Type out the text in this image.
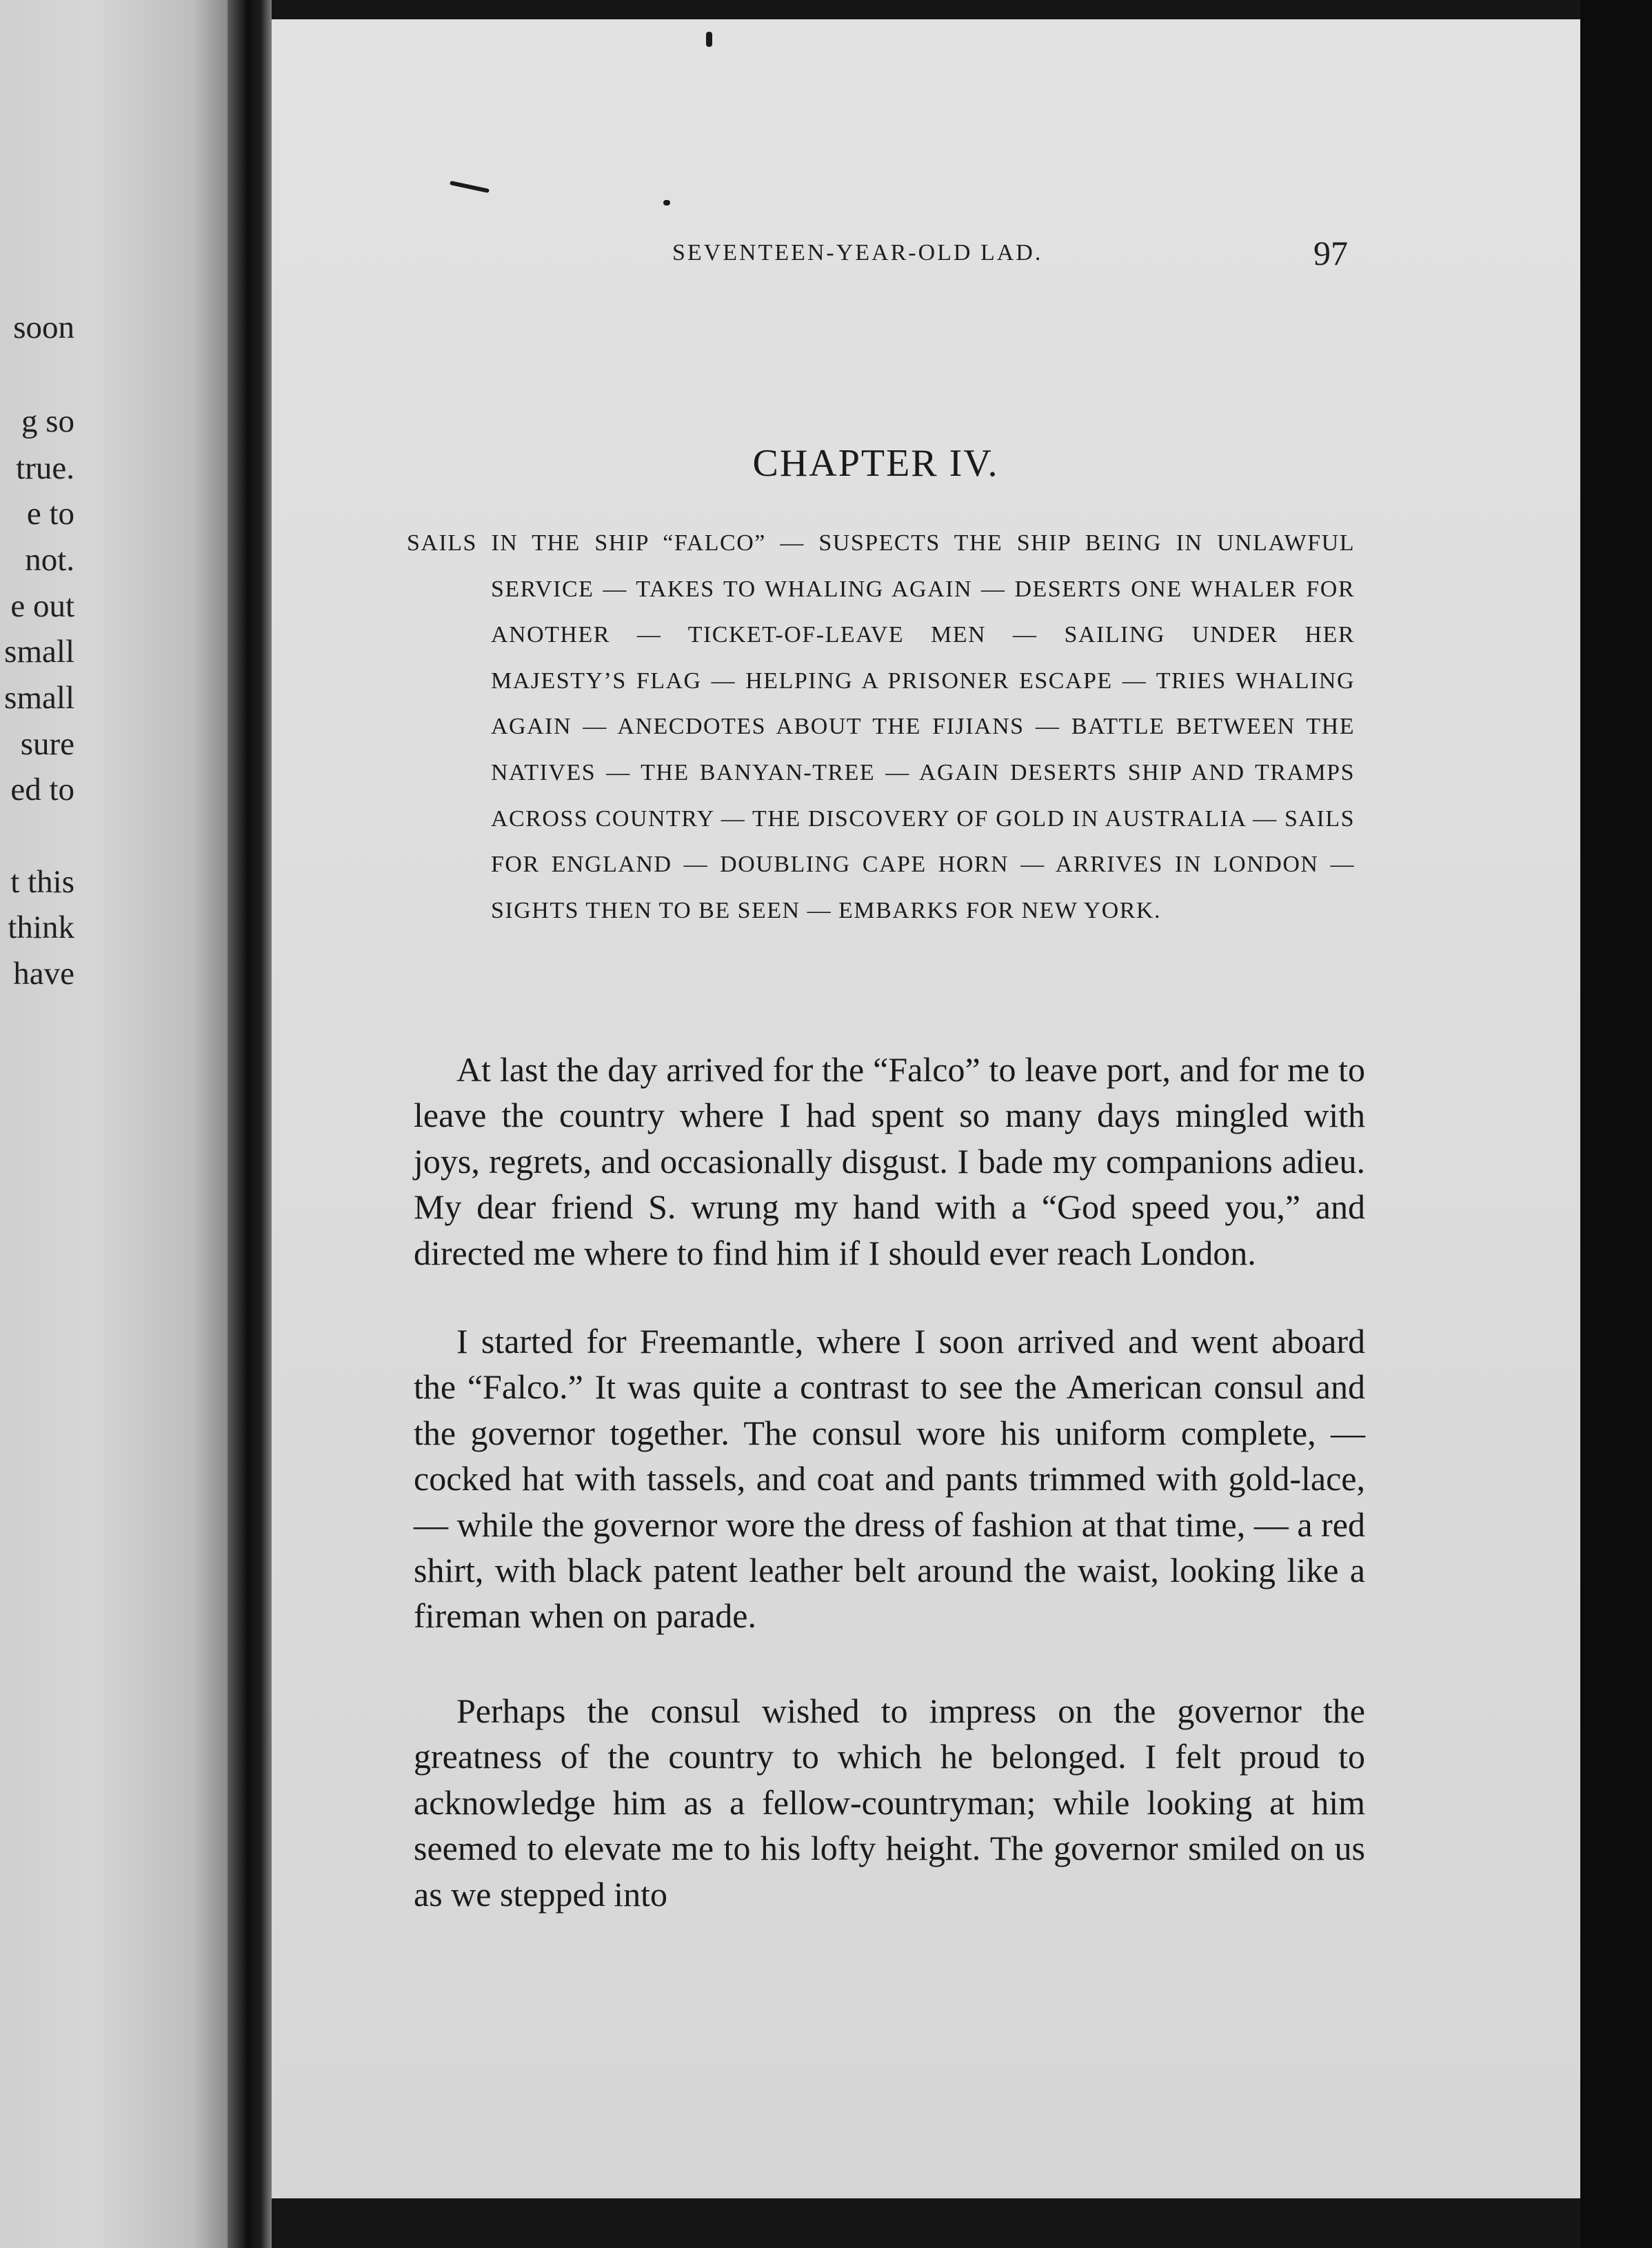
soon
g so
true.
e to
not.
e out
small
small
sure
ed to
t this
think
have
SEVENTEEN-YEAR-OLD LAD.	97
CHAPTER IV.
SAILS IN THE SHIP “FALCO” — SUSPECTS THE SHIP BEING IN UNLAWFUL SERVICE — TAKES TO WHALING AGAIN — DESERTS ONE WHALER FOR ANOTHER — TICKET-OF-LEAVE MEN — SAILING UNDER HER MAJESTY’S FLAG — HELPING A PRISONER ESCAPE — TRIES WHALING AGAIN — ANECDOTES ABOUT THE FIJIANS — BATTLE BETWEEN THE NATIVES — THE BANYAN-TREE — AGAIN DESERTS SHIP AND TRAMPS ACROSS COUNTRY — THE DISCOVERY OF GOLD IN AUSTRALIA — SAILS FOR ENGLAND — DOUBLING CAPE HORN — ARRIVES IN LONDON — SIGHTS THEN TO BE SEEN — EMBARKS FOR NEW YORK.

At last the day arrived for the “Falco” to leave port, and for me to leave the country where I had spent so many days mingled with joys, regrets, and occasionally disgust. I bade my companions adieu. My dear friend S. wrung my hand with a “God speed you,” and directed me where to find him if I should ever reach London.

I started for Freemantle, where I soon arrived and went aboard the “Falco.” It was quite a contrast to see the American consul and the governor together. The consul wore his uniform complete, — cocked hat with tassels, and coat and pants trimmed with gold-lace,— while the governor wore the dress of fashion at that time, — a red shirt, with black patent leather belt around the waist, looking like a fireman when on parade.

Perhaps the consul wished to impress on the governor the greatness of the country to which he belonged. I felt proud to acknowledge him as a fellow-countryman; while looking at him seemed to elevate me to his lofty height. The governor smiled on us as we stepped into
